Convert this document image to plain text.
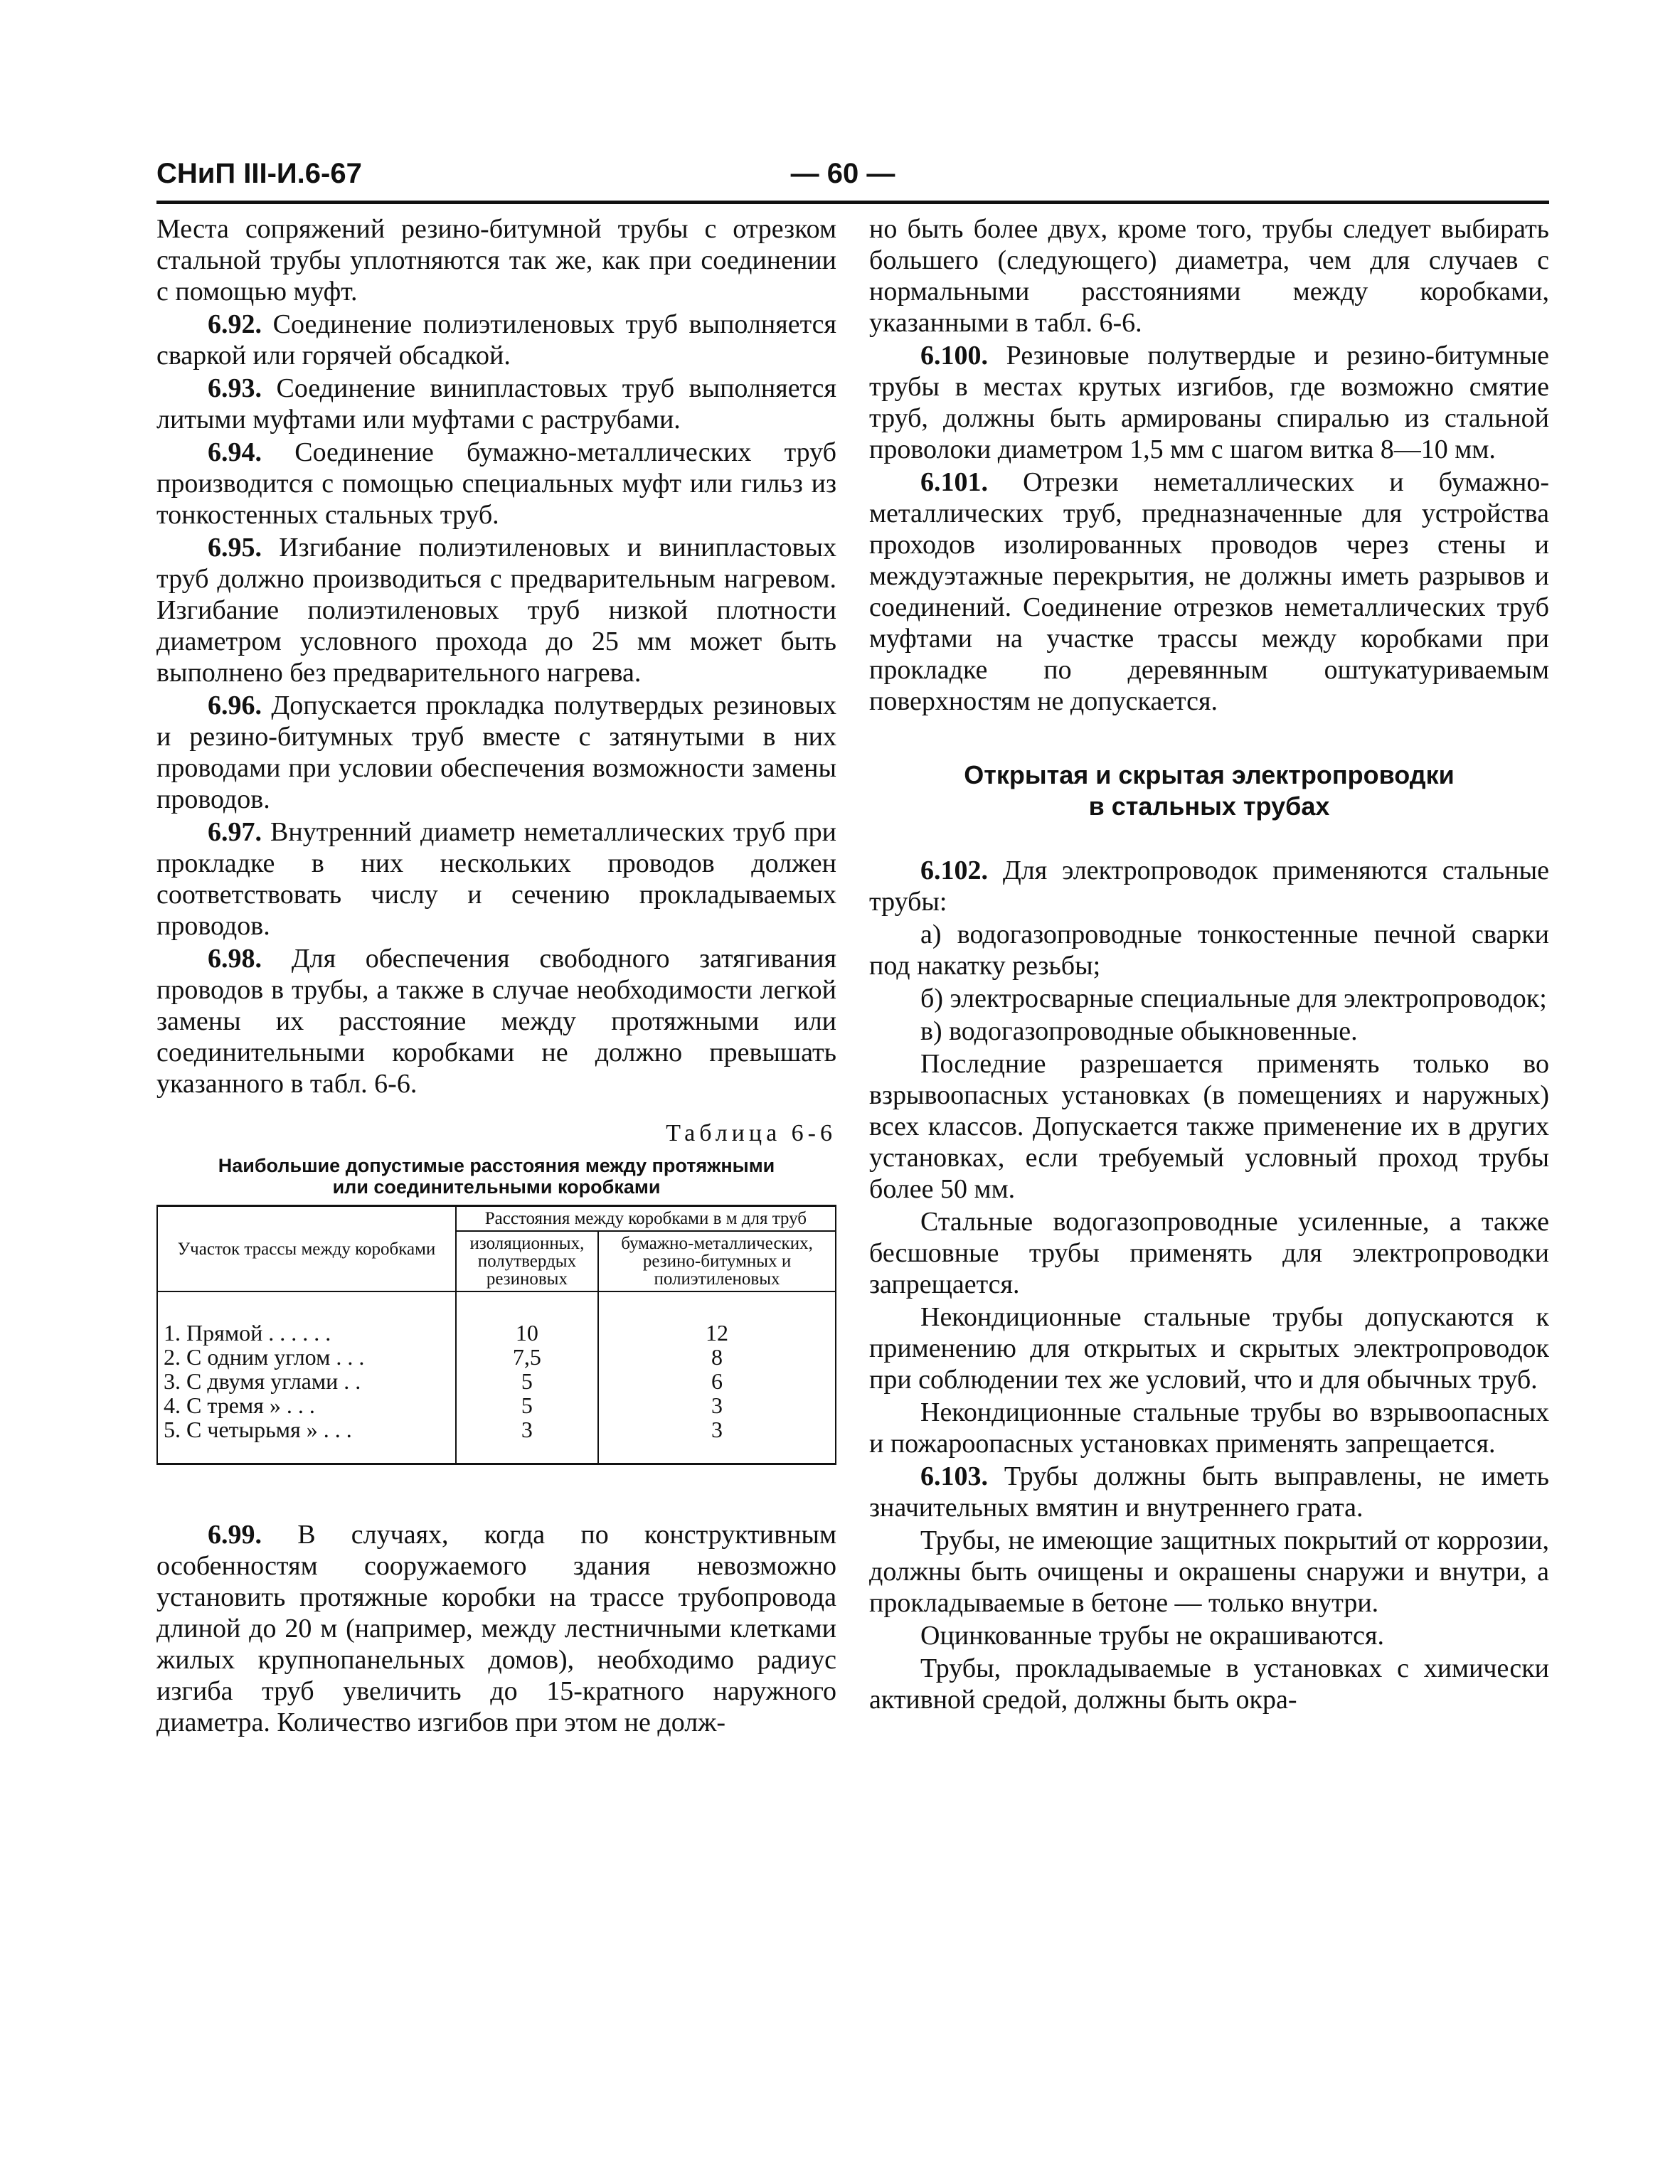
СНиП III-И.6-67	— 60 —

Места сопряжений резино-битумной трубы с отрезком стальной трубы уплотняются так же, как при соединении с помощью муфт.

6.92. Соединение полиэтиленовых труб выполняется сваркой или горячей обсадкой.

6.93. Соединение винипластовых труб выполняется литыми муфтами или муфтами с раструбами.

6.94. Соединение бумажно-металлических труб производится с помощью специальных муфт или гильз из тонкостенных стальных труб.

6.95. Изгибание полиэтиленовых и винипластовых труб должно производиться с предварительным нагревом. Изгибание полиэтиленовых труб низкой плотности диаметром условного прохода до 25 мм может быть выполнено без предварительного нагрева.

6.96. Допускается прокладка полутвердых резиновых и резино-битумных труб вместе с затянутыми в них проводами при условии обеспечения возможности замены проводов.

6.97. Внутренний диаметр неметаллических труб при прокладке в них нескольких проводов должен соответствовать числу и сечению прокладываемых проводов.

6.98. Для обеспечения свободного затягивания проводов в трубы, а также в случае необходимости легкой замены их расстояние между протяжными или соединительными коробками не должно превышать указанного в табл. 6-6.

Таблица 6-6
Наибольшие допустимые расстояния между протяжными
или соединительными коробками
Участок трассы между коробками	Расстояния между коробками в м для труб	
	изоляционных, полутвердых резиновых	бумажно-металлических, резино-битумных и полиэтиленовых
1. Прямой . . . . . .	10	12
2. С одним углом . . .	7,5	8
3. С двумя углами . .	5	6
4. С тремя » . . .	5	3
5. С четырьмя » . . .	3	3

6.99. В случаях, когда по конструктивным особенностям сооружаемого здания невозможно установить протяжные коробки на трассе трубопровода длиной до 20 м (например, между лестничными клетками жилых крупнопанельных домов), необходимо радиус изгиба труб увеличить до 15-кратного наружного диаметра. Количество изгибов при этом не долж-

но быть более двух, кроме того, трубы следует выбирать большего (следующего) диаметра, чем для случаев с нормальными расстояниями между коробками, указанными в табл. 6-6.

6.100. Резиновые полутвердые и резино-битумные трубы в местах крутых изгибов, где возможно смятие труб, должны быть армированы спиралью из стальной проволоки диаметром 1,5 мм с шагом витка 8—10 мм.

6.101. Отрезки неметаллических и бумажно-металлических труб, предназначенные для устройства проходов изолированных проводов через стены и междуэтажные перекрытия, не должны иметь разрывов и соединений. Соединение отрезков неметаллических труб муфтами на участке трассы между коробками при прокладке по деревянным оштукатуриваемым поверхностям не допускается.

Открытая и скрытая электропроводки
в стальных трубах

6.102. Для электропроводок применяются стальные трубы:

а) водогазопроводные тонкостенные печной сварки под накатку резьбы;

б) электросварные специальные для электропроводок;

в) водогазопроводные обыкновенные.

Последние разрешается применять только во взрывоопасных установках (в помещениях и наружных) всех классов. Допускается также применение их в других установках, если требуемый условный проход трубы более 50 мм.

Стальные водогазопроводные усиленные, а также бесшовные трубы применять для электропроводки запрещается.

Некондиционные стальные трубы допускаются к применению для открытых и скрытых электропроводок при соблюдении тех же условий, что и для обычных труб.

Некондиционные стальные трубы во взрывоопасных и пожароопасных установках применять запрещается.

6.103. Трубы должны быть выправлены, не иметь значительных вмятин и внутреннего грата.

Трубы, не имеющие защитных покрытий от коррозии, должны быть очищены и окрашены снаружи и внутри, а прокладываемые в бетоне — только внутри.

Оцинкованные трубы не окрашиваются.

Трубы, прокладываемые в установках с химически активной средой, должны быть окра-
